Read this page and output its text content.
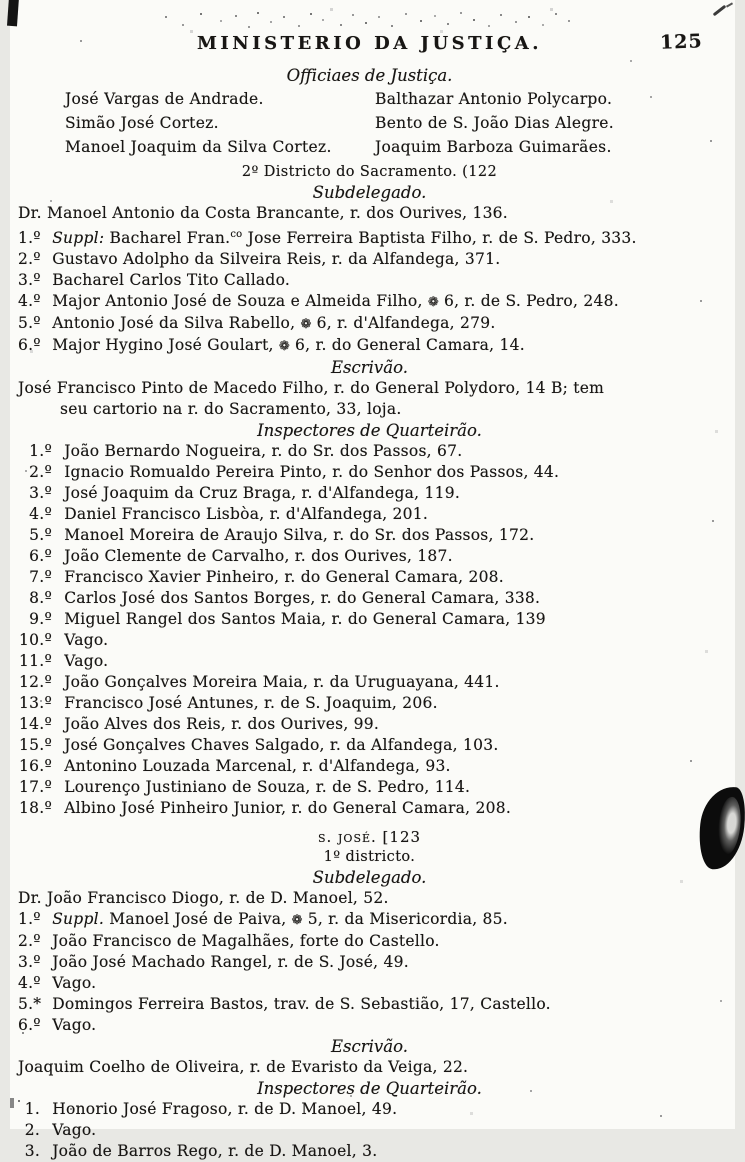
MINISTERIO DA JUSTIÇA.	125
Officiaes de Justiça.
José Vargas de Andrade.
Simão José Cortez.
Manoel Joaquim da Silva Cortez.
Balthazar Antonio Polycarpo.
Bento de S. João Dias Alegre.
Joaquim Barboza Guimarães.
2º Districto do Sacramento. (122
Subdelegado.
Dr. Manoel Antonio da Costa Brancante, r. dos Ourives, 136.
1.º Suppl: Bacharel Fran.$^{co}$ Jose Ferreira Baptista Filho, r. de S. Pedro, 333.
2.º Gustavo Adolpho da Silveira Reis, r. da Alfandega, 371.
3.º Bacharel Carlos Tito Callado.
4.º Major Antonio José de Souza e Almeida Filho, ❁ 6, r. de S. Pedro, 248.
5.º Antonio José da Silva Rabello, ❁ 6, r. d'Alfandega, 279.
6.º Major Hygino José Goulart, ❁ 6, r. do General Camara, 14.
Escrivão.
José Francisco Pinto de Macedo Filho, r. do General Polydoro, 14 B; tem
seu cartorio na r. do Sacramento, 33, loja.
Inspectores de Quarteirão.
1.º João Bernardo Nogueira, r. do Sr. dos Passos, 67.
2.º Ignacio Romualdo Pereira Pinto, r. do Senhor dos Passos, 44.
3.º José Joaquim da Cruz Braga, r. d'Alfandega, 119.
4.º Daniel Francisco Lisbòa, r. d'Alfandega, 201.
5.º Manoel Moreira de Araujo Silva, r. do Sr. dos Passos, 172.
6.º João Clemente de Carvalho, r. dos Ourives, 187.
7.º Francisco Xavier Pinheiro, r. do General Camara, 208.
8.º Carlos José dos Santos Borges, r. do General Camara, 338.
9.º Miguel Rangel dos Santos Maia, r. do General Camara, 139
10.º Vago.
11.º Vago.
12.º João Gonçalves Moreira Maia, r. da Uruguayana, 441.
13.º Francisco José Antunes, r. de S. Joaquim, 206.
14.º João Alves dos Reis, r. dos Ourives, 99.
15.º José Gonçalves Chaves Salgado, r. da Alfandega, 103.
16.º Antonino Louzada Marcenal, r. d'Alfandega, 93.
17.º Lourenço Justiniano de Souza, r. de S. Pedro, 114.
18.º Albino José Pinheiro Junior, r. do General Camara, 208.
s. josé. [123
1º districto.
Subdelegado.
Dr. João Francisco Diogo, r. de D. Manoel, 52.
1.º Suppl. Manoel José de Paiva, ❁ 5, r. da Misericordia, 85.
2.º João Francisco de Magalhães, forte do Castello.
3.º João José Machado Rangel, r. de S. José, 49.
4.º Vago.
5.* Domingos Ferreira Bastos, trav. de S. Sebastião, 17, Castello.
6.º Vago.
Escrivão.
Joaquim Coelho de Oliveira, r. de Evaristo da Veiga, 22.
Inspectores de Quarteirão.
1. Honorio José Fragoso, r. de D. Manoel, 49.
2. Vago.
3. João de Barros Rego, r. de D. Manoel, 3.
